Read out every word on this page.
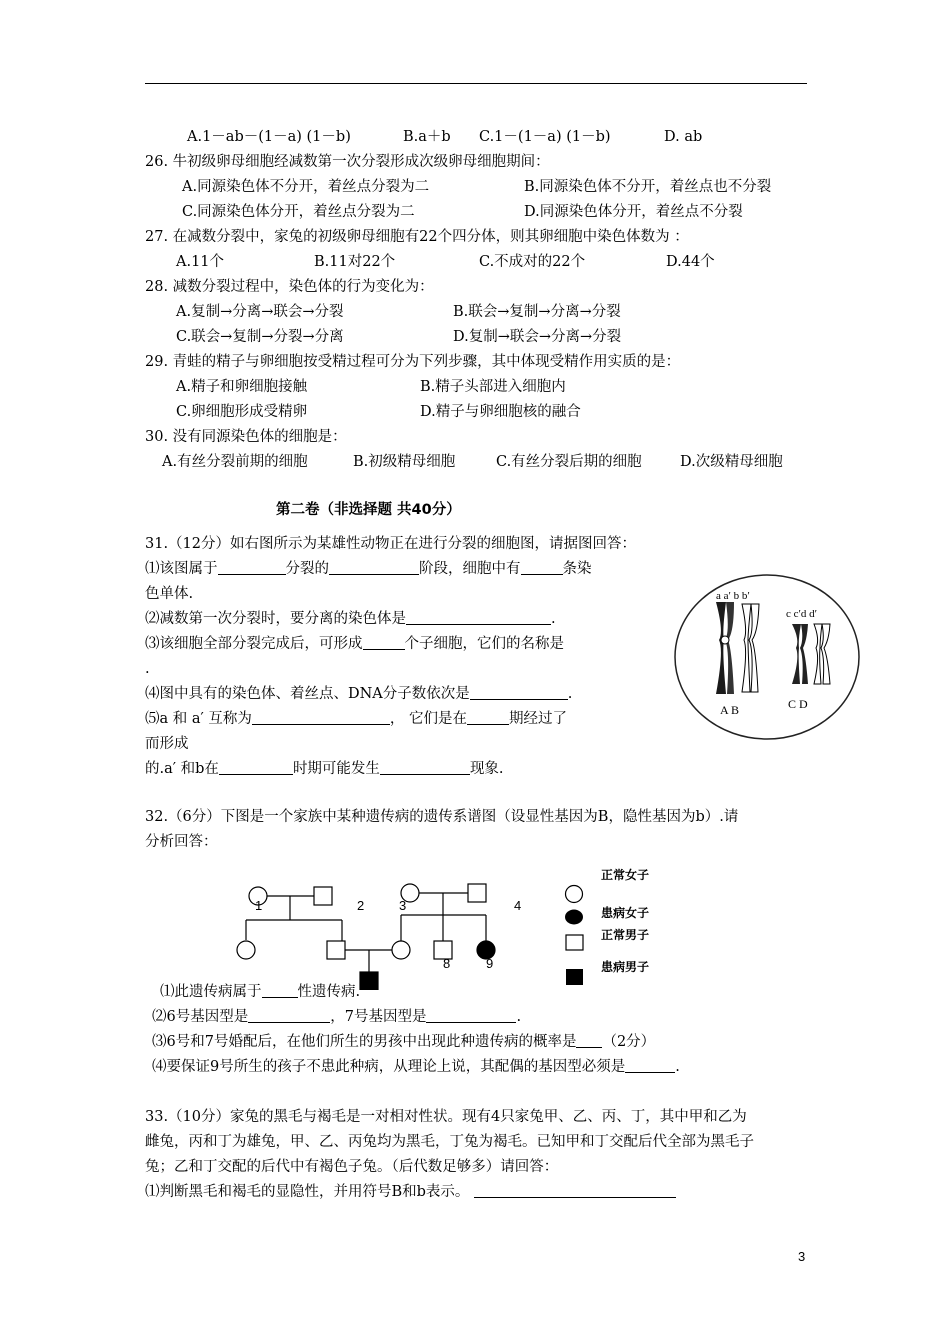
A.1－ab－(1－a) (1－b)	B.a＋b C.1－(1－a) (1－b)	D. ab
26. 牛初级卵母细胞经减数第一次分裂形成次级卵母细胞期间：
A.同源染色体不分开，着丝点分裂为二	B.同源染色体不分开，着丝点也不分裂
C.同源染色体分开，着丝点分裂为二	D.同源染色体分开，着丝点不分裂
27. 在减数分裂中，家兔的初级卵母细胞有22个四分体，则其卵细胞中染色体数为 ：
A.11个	B.11对22个	C.不成对的22个	D.44个
28. 减数分裂过程中，染色体的行为变化为：
A.复制→分离→联会→分裂	B.联会→复制→分离→分裂
C.联会→复制→分裂→分离	D.复制→联会→分离→分裂
29. 青蛙的精子与卵细胞按受精过程可分为下列步骤，其中体现受精作用实质的是：
A.精子和卵细胞接触	B.精子头部进入细胞内
C.卵细胞形成受精卵	D.精子与卵细胞核的融合
30. 没有同源染色体的细胞是：
A.有丝分裂前期的细胞	B.初级精母细胞	C.有丝分裂后期的细胞	D.次级精母细胞
第二卷（非选择题 共40分）
31.（12分）如右图所示为某雄性动物正在进行分裂的细胞图，请据图回答：
⑴该图属于	分裂的	阶段，细胞中有	条染
色单体.
⑵减数第一次分裂时，要分离的染色体是	.
⑶该细胞全部分裂完成后，可形成	个子细胞，它们的名称是
.
⑷图中具有的染色体、着丝点、DNA分子数依次是	.
⑸a 和 a′ 互称为	， 它们是在	期经过了
而形成
的.a′ 和b在	时期可能发生	现象.
a a′ b b′
c c′d d′
A B	C D
32.（6分）下图是一个家族中某种遗传病的遗传系谱图（设显性基因为B，隐性基因为b）.请
分析回答：
1	2	3	4
8	9
正常女子
患病女子
正常男子
患病男子
⑴此遗传病属于 性遗传病.
⑵6号基因型是	，7号基因型是	.
⑶6号和7号婚配后，在他们所生的男孩中出现此种遗传病的概率是 （2分）
⑷要保证9号所生的孩子不患此种病，从理论上说，其配偶的基因型必须是	.
33.（10分）家兔的黑毛与褐毛是一对相对性状。现有4只家兔甲、乙、丙、丁，其中甲和乙为
雌兔，丙和丁为雄兔，甲、乙、丙兔均为黑毛，丁兔为褐毛。已知甲和丁交配后代全部为黑毛子
兔；乙和丁交配的后代中有褐色子兔。（后代数足够多）请回答：
⑴判断黑毛和褐毛的显隐性，并用符号B和b表示。
3
